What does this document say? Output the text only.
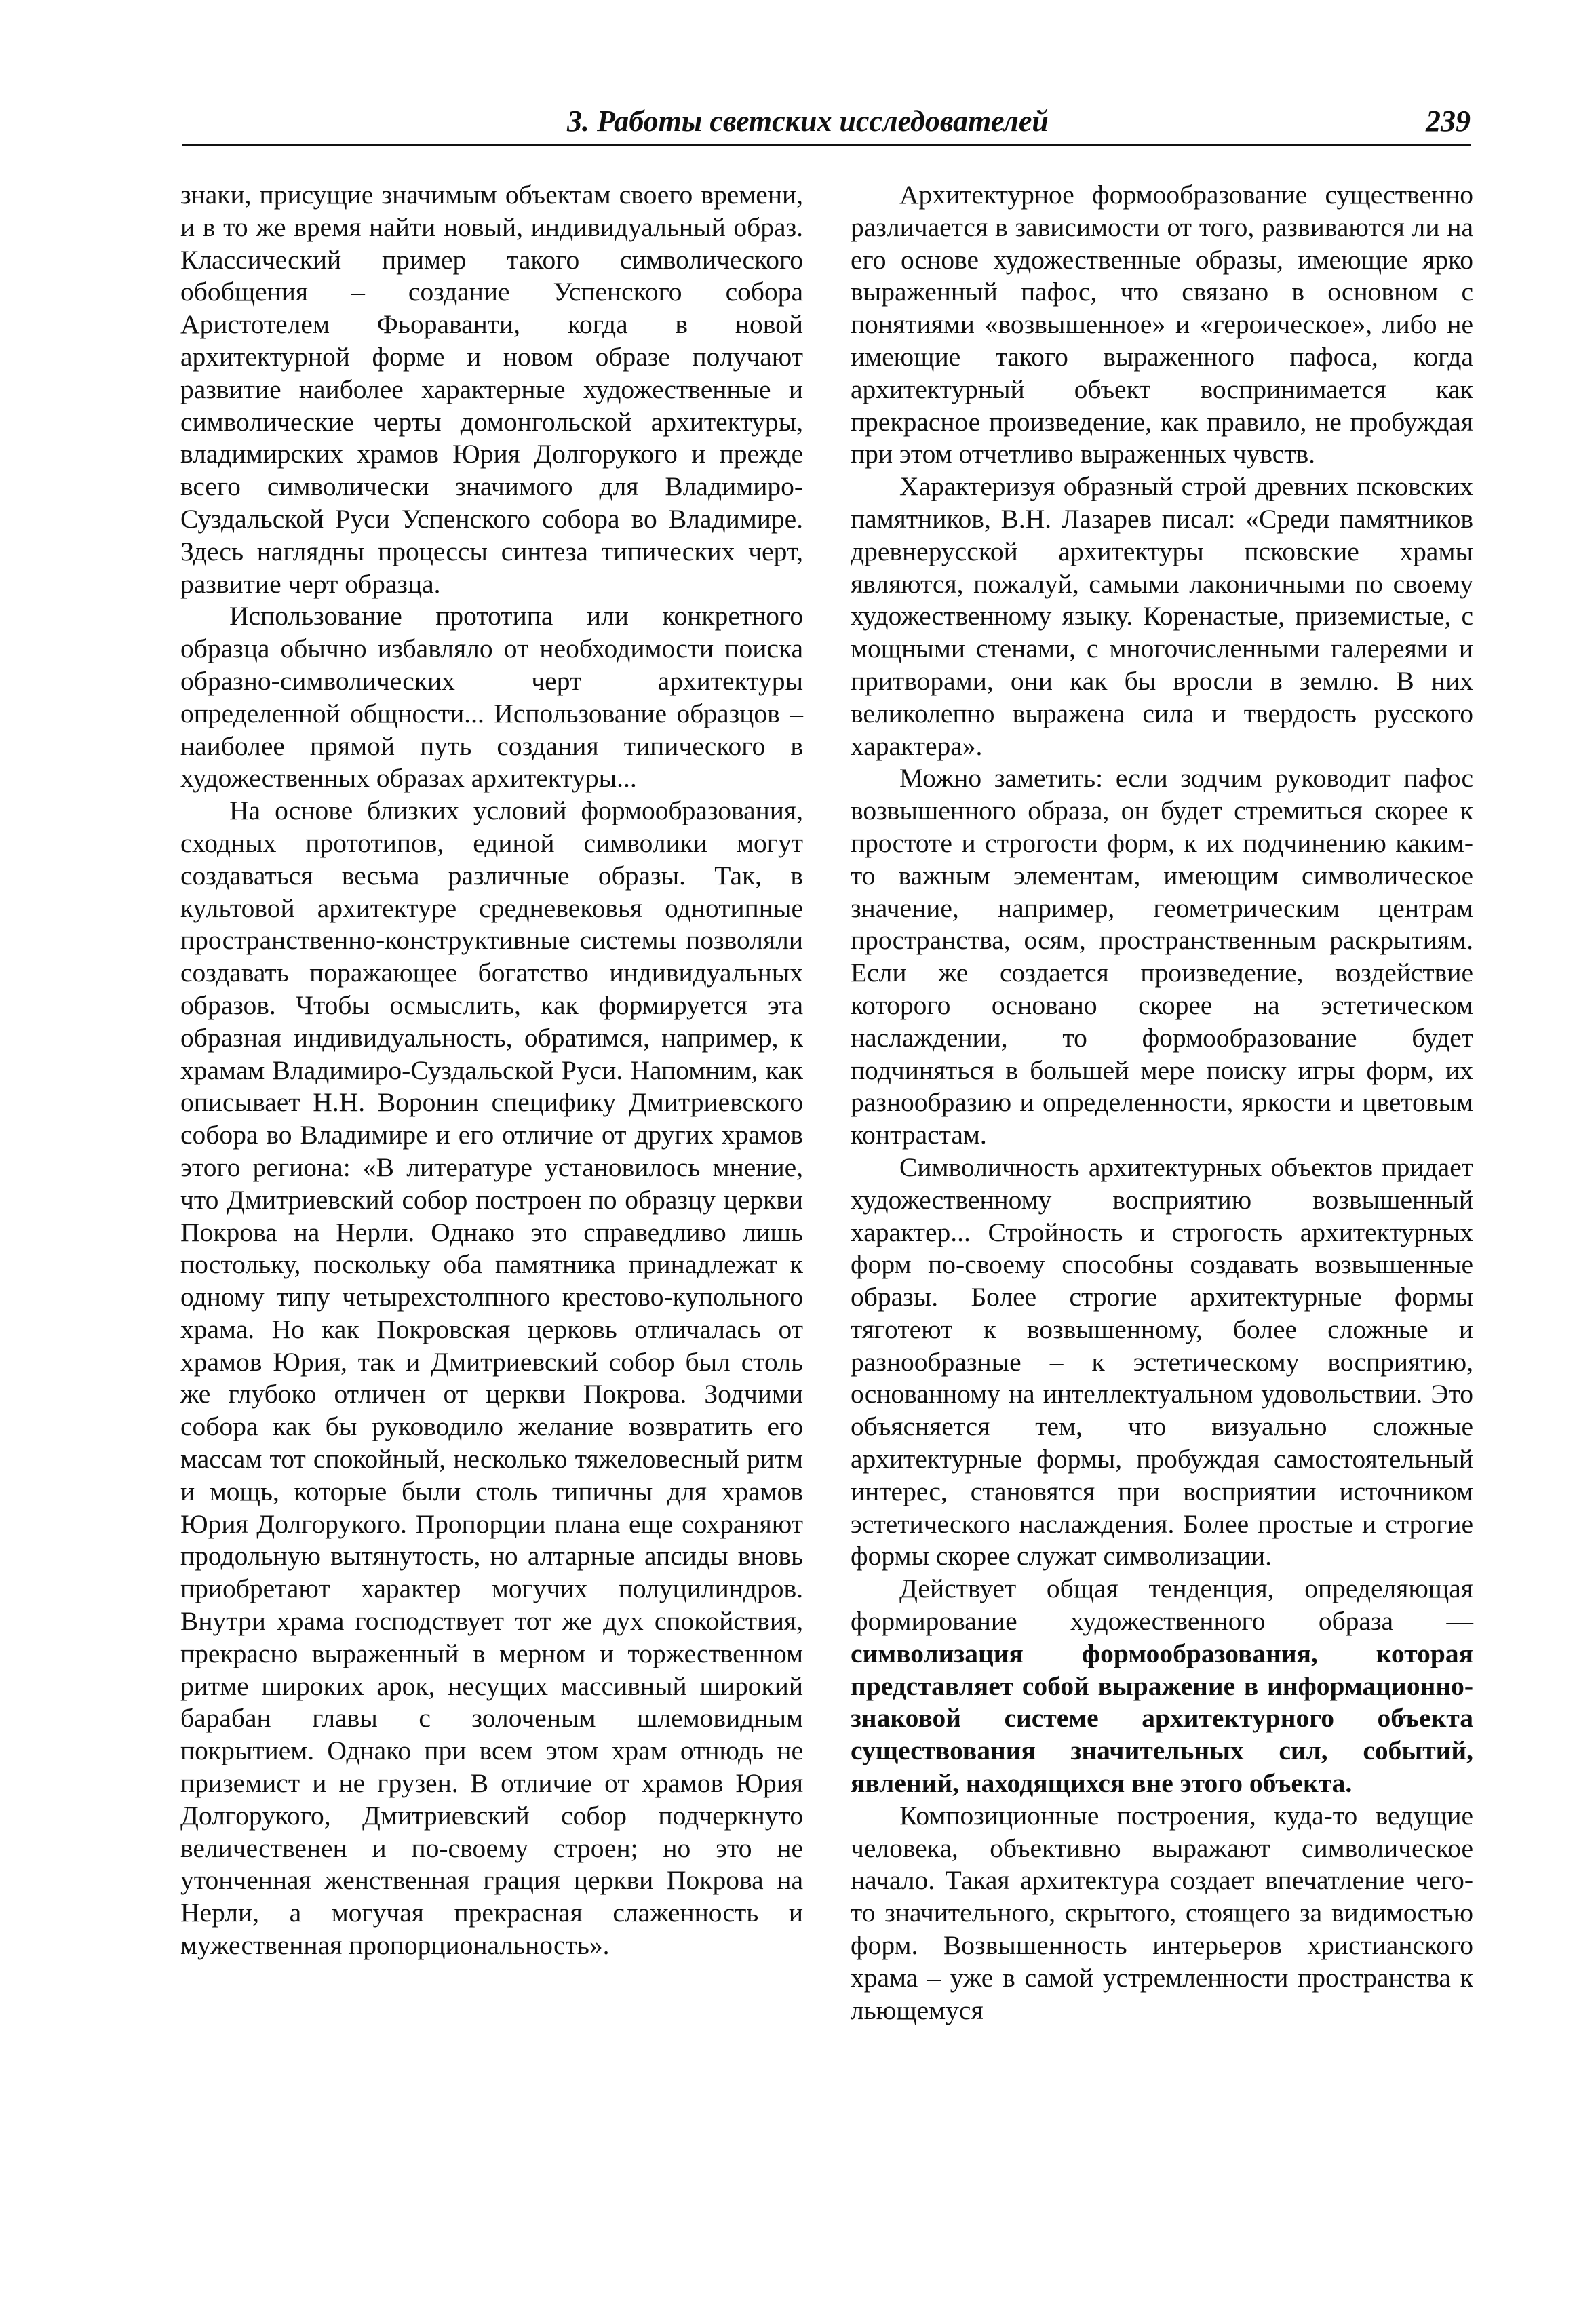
3. Работы светских исследователей	239

знаки, присущие значимым объектам своего времени, и в то же время найти новый, индивидуальный образ. Классический пример такого символического обобщения – создание Успенского собора Аристотелем Фьораванти, когда в новой архитектурной форме и новом образе получают развитие наиболее характерные художественные и символические черты домонгольской архитектуры, владимирских храмов Юрия Долгорукого и прежде всего символически значимого для Владимиро-Суздальской Руси Успенского собора во Владимире. Здесь наглядны процессы синтеза типических черт, развитие черт образца.

Использование прототипа или конкретного образца обычно избавляло от необходимости поиска образно-символических черт архитектуры определенной общности... Использование образцов – наиболее прямой путь создания типического в художественных образах архитектуры...

На основе близких условий формообразования, сходных прототипов, единой символики могут создаваться весьма различные образы. Так, в культовой архитектуре средневековья однотипные пространственно-конструктивные системы позволяли создавать поражающее богатство индивидуальных образов. Чтобы осмыслить, как формируется эта образная индивидуальность, обратимся, например, к храмам Владимиро-Суздальской Руси. Напомним, как описывает Н.Н. Воронин специфику Дмитриевского собора во Владимире и его отличие от других храмов этого региона: «В литературе установилось мнение, что Дмитриевский собор построен по образцу церкви Покрова на Нерли. Однако это справедливо лишь постольку, поскольку оба памятника принадлежат к одному типу четырехстолпного крестово-купольного храма. Но как Покровская церковь отличалась от храмов Юрия, так и Дмитриевский собор был столь же глубоко отличен от церкви Покрова. Зодчими собора как бы руководило желание возвратить его массам тот спокойный, несколько тяжеловесный ритм и мощь, которые были столь типичны для храмов Юрия Долгорукого. Пропорции плана еще сохраняют продольную вытянутость, но алтарные апсиды вновь приобретают характер могучих полуцилиндров. Внутри храма господствует тот же дух спокойствия, прекрасно выраженный в мерном и торжественном ритме широких арок, несущих массивный широкий барабан главы с золоченым шлемовидным покрытием. Однако при всем этом храм отнюдь не приземист и не грузен. В отличие от храмов Юрия Долгорукого, Дмитриевский собор подчеркнуто величественен и по-своему строен; но это не утонченная женственная грация церкви Покрова на Нерли, а могучая прекрасная слаженность и мужественная пропорциональность».

Архитектурное формообразование существенно различается в зависимости от того, развиваются ли на его основе художественные образы, имеющие ярко выраженный пафос, что связано в основном с понятиями «возвышенное» и «героическое», либо не имеющие такого выраженного пафоса, когда архитектурный объект воспринимается как прекрасное произведение, как правило, не пробуждая при этом отчетливо выраженных чувств.

Характеризуя образный строй древних псковских памятников, В.Н. Лазарев писал: «Среди памятников древнерусской архитектуры псковские храмы являются, пожалуй, самыми лаконичными по своему художественному языку. Коренастые, приземистые, с мощными стенами, с многочисленными галереями и притворами, они как бы вросли в землю. В них великолепно выражена сила и твердость русского характера».

Можно заметить: если зодчим руководит пафос возвышенного образа, он будет стремиться скорее к простоте и строгости форм, к их подчинению каким-то важным элементам, имеющим символическое значение, например, геометрическим центрам пространства, осям, пространственным раскрытиям. Если же создается произведение, воздействие которого основано скорее на эстетическом наслаждении, то формообразование будет подчиняться в большей мере поиску игры форм, их разнообразию и определенности, яркости и цветовым контрастам.

Символичность архитектурных объектов придает художественному восприятию возвышенный характер... Стройность и строгость архитектурных форм по-своему способны создавать возвышенные образы. Более строгие архитектурные формы тяготеют к возвышенному, более сложные и разнообразные – к эстетическому восприятию, основанному на интеллектуальном удовольствии. Это объясняется тем, что визуально сложные архитектурные формы, пробуждая самостоятельный интерес, становятся при восприятии источником эстетического наслаждения. Более простые и строгие формы скорее служат символизации.

Действует общая тенденция, определяющая формирование художественного образа — символизация формообразования, которая представляет собой выражение в информационно-знаковой системе архитектурного объекта существования значительных сил, событий, явлений, находящихся вне этого объекта.

Композиционные построения, куда-то ведущие человека, объективно выражают символическое начало. Такая архитектура создает впечатление чего-то значительного, скрытого, стоящего за видимостью форм. Возвышенность интерьеров христианского храма – уже в самой устремленности пространства к льющемуся
